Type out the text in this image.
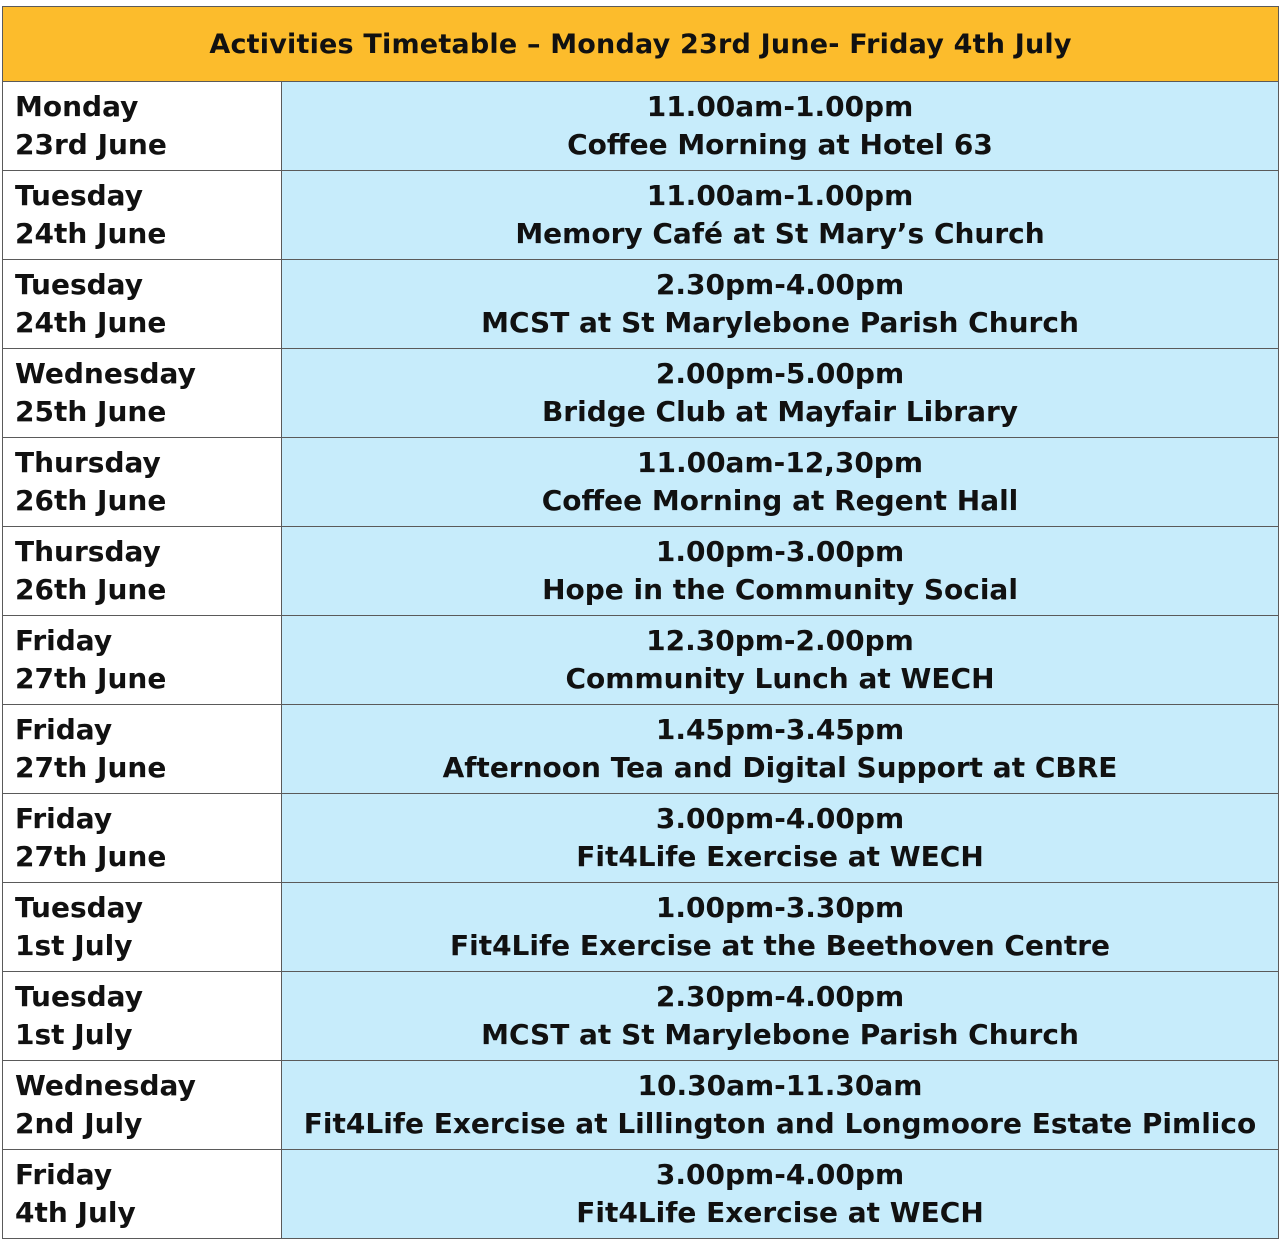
Activities Timetable – Monday 23rd June- Friday 4th July	

Monday
23rd June	11.00am-1.00pm
Coffee Morning at Hotel 63

Tuesday
24th June	11.00am-1.00pm
Memory Café at St Mary’s Church

Tuesday
24th June	2.30pm-4.00pm
MCST at St Marylebone Parish Church

Wednesday
25th June	2.00pm-5.00pm
Bridge Club at Mayfair Library

Thursday
26th June	11.00am-12,30pm
Coffee Morning at Regent Hall

Thursday
26th June	1.00pm-3.00pm
Hope in the Community Social

Friday
27th June	12.30pm-2.00pm
Community Lunch at WECH

Friday
27th June	1.45pm-3.45pm
Afternoon Tea and Digital Support at CBRE

Friday
27th June	3.00pm-4.00pm
Fit4Life Exercise at WECH

Tuesday
1st July	1.00pm-3.30pm
Fit4Life Exercise at the Beethoven Centre

Tuesday
1st July	2.30pm-4.00pm
MCST at St Marylebone Parish Church

Wednesday
2nd July	10.30am-11.30am
Fit4Life Exercise at Lillington and Longmoore Estate Pimlico

Friday
4th July	3.00pm-4.00pm
Fit4Life Exercise at WECH
